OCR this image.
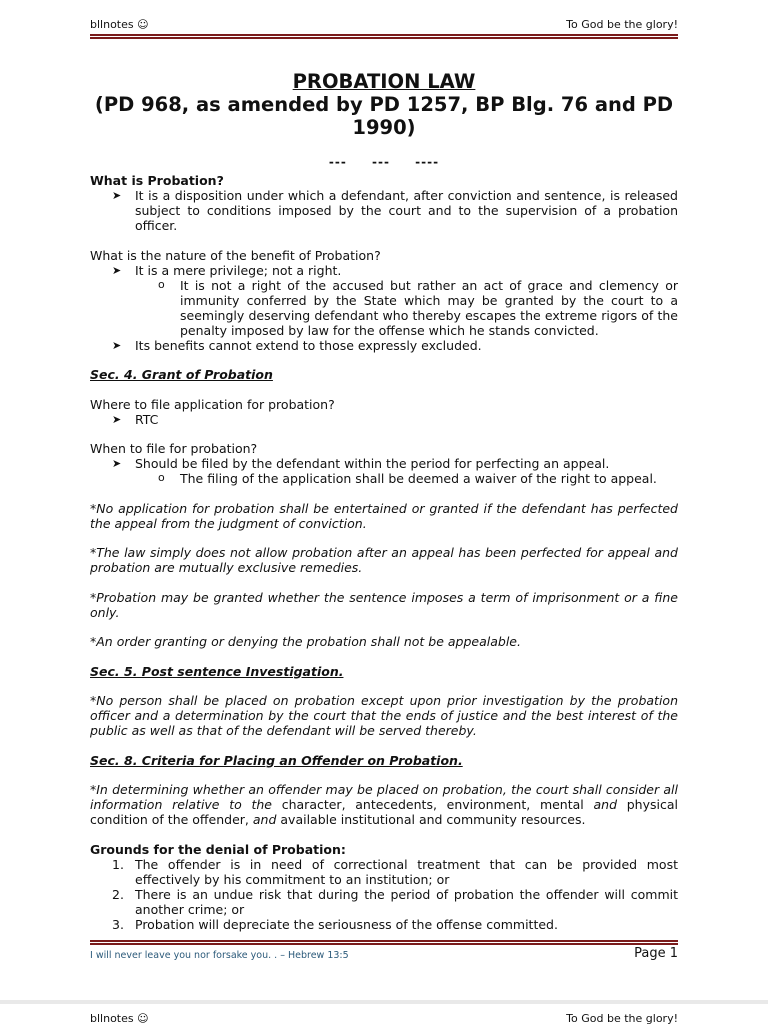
bllnotes ☺	To God be the glory!
PROBATION LAW
(PD 968, as amended by PD 1257, BP Blg. 76 and PD 1990)
--- --- ----

What is Probation?

➤ It is a disposition under which a defendant, after conviction and sentence, is released subject to conditions imposed by the court and to the supervision of a probation officer.

What is the nature of the benefit of Probation?

➤ It is a mere privilege; not a right.
o It is not a right of the accused but rather an act of grace and clemency or immunity conferred by the State which may be granted by the court to a seemingly deserving defendant who thereby escapes the extreme rigors of the penalty imposed by law for the offense which he stands convicted.
➤ Its benefits cannot extend to those expressly excluded.

Sec. 4. Grant of Probation

Where to file application for probation?

➤ RTC

When to file for probation?

➤ Should be filed by the defendant within the period for perfecting an appeal.
o The filing of the application shall be deemed a waiver of the right to appeal.

*No application for probation shall be entertained or granted if the defendant has perfected the appeal from the judgment of conviction.

*The law simply does not allow probation after an appeal has been perfected for appeal and probation are mutually exclusive remedies.

*Probation may be granted whether the sentence imposes a term of imprisonment or a fine only.

*An order granting or denying the probation shall not be appealable.

Sec. 5. Post sentence Investigation.

*No person shall be placed on probation except upon prior investigation by the probation officer and a determination by the court that the ends of justice and the best interest of the public as well as that of the defendant will be served thereby.

Sec. 8. Criteria for Placing an Offender on Probation.

*In determining whether an offender may be placed on probation, the court shall consider all information relative to the character, antecedents, environment, mental and physical condition of the offender, and available institutional and community resources.

Grounds for the denial of Probation:

1. The offender is in need of correctional treatment that can be provided most effectively by his commitment to an institution; or
2. There is an undue risk that during the period of probation the offender will commit another crime; or
3. Probation will depreciate the seriousness of the offense committed.
I will never leave you nor forsake you. . – Hebrew 13:5	Page 1
bllnotes ☺	To God be the glory!
